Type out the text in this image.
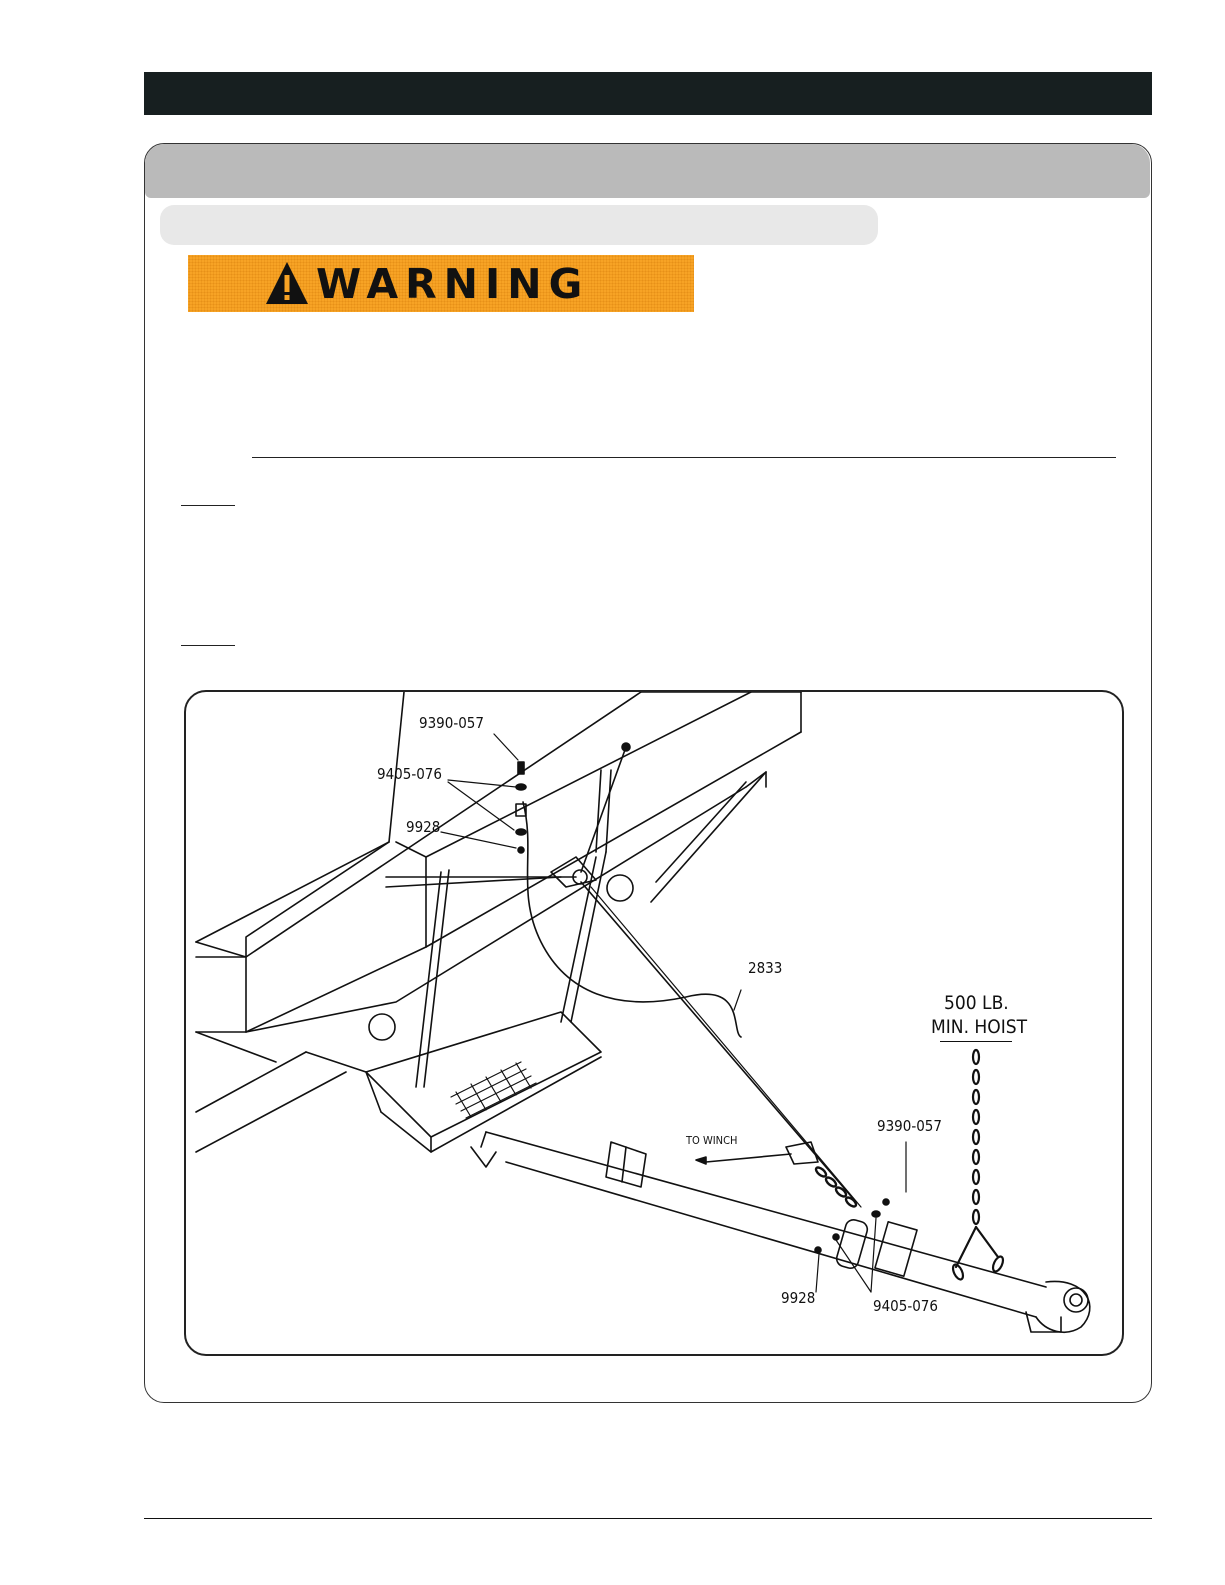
WARNING
9390-057
9405-076
9928
2833
500 LB.
MIN. HOIST
TO WINCH
9390-057
9928	9405-076
